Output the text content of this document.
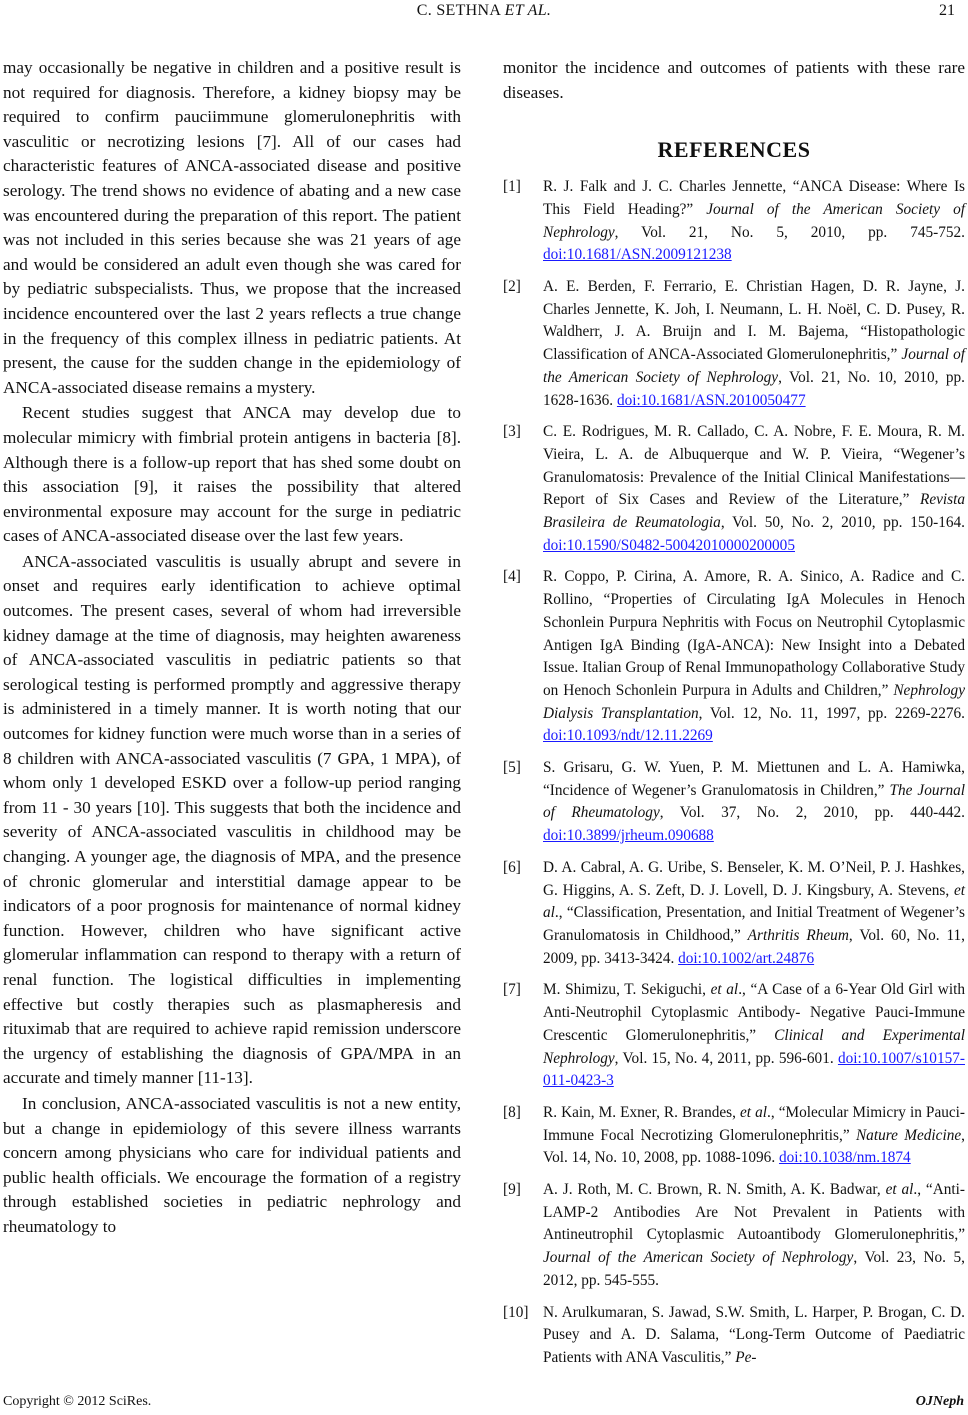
C. SETHNA ET AL.	21

may occasionally be negative in children and a positive result is not required for diagnosis. Therefore, a kidney biopsy may be required to confirm pauciimmune glomerulonephritis with vasculitic or necrotizing lesions [7]. All of our cases had characteristic features of ANCA-associated disease and positive serology. The trend shows no evidence of abating and a new case was encountered during the preparation of this report. The patient was not included in this series because she was 21 years of age and would be considered an adult even though she was cared for by pediatric subspecialists. Thus, we propose that the increased incidence encountered over the last 2 years reflects a true change in the frequency of this complex illness in pediatric patients. At present, the cause for the sudden change in the epidemiology of ANCA-associated disease remains a mystery.

Recent studies suggest that ANCA may develop due to molecular mimicry with fimbrial protein antigens in bacteria [8]. Although there is a follow-up report that has shed some doubt on this association [9], it raises the possibility that altered environmental exposure may account for the surge in pediatric cases of ANCA-associated disease over the last few years.

ANCA-associated vasculitis is usually abrupt and severe in onset and requires early identification to achieve optimal outcomes. The present cases, several of whom had irreversible kidney damage at the time of diagnosis, may heighten awareness of ANCA-associated vasculitis in pediatric patients so that serological testing is performed promptly and aggressive therapy is administered in a timely manner. It is worth noting that our outcomes for kidney function were much worse than in a series of 8 children with ANCA-associated vasculitis (7 GPA, 1 MPA), of whom only 1 developed ESKD over a follow-up period ranging from 11 - 30 years [10]. This suggests that both the incidence and severity of ANCA-associated vasculitis in childhood may be changing. A younger age, the diagnosis of MPA, and the presence of chronic glomerular and interstitial damage appear to be indicators of a poor prognosis for maintenance of normal kidney function. However, children who have significant active glomerular inflammation can respond to therapy with a return of renal function. The logistical difficulties in implementing effective but costly therapies such as plasmapheresis and rituximab that are required to achieve rapid remission underscore the urgency of establishing the diagnosis of GPA/MPA in an accurate and timely manner [11-13].

In conclusion, ANCA-associated vasculitis is not a new entity, but a change in epidemiology of this severe illness warrants concern among physicians who care for individual patients and public health officials. We encourage the formation of a registry through established societies in pediatric nephrology and rheumatology to

monitor the incidence and outcomes of patients with these rare diseases.

REFERENCES
[1] R. J. Falk and J. C. Charles Jennette, “ANCA Disease: Where Is This Field Heading?” Journal of the American Society of Nephrology, Vol. 21, No. 5, 2010, pp. 745-752. doi:10.1681/ASN.2009121238
[2] A. E. Berden, F. Ferrario, E. Christian Hagen, D. R. Jayne, J. Charles Jennette, K. Joh, I. Neumann, L. H. Noël, C. D. Pusey, R. Waldherr, J. A. Bruijn and I. M. Bajema, “Histopathologic Classification of ANCA-Associated Glomerulonephritis,” Journal of the American Society of Nephrology, Vol. 21, No. 10, 2010, pp. 1628-1636. doi:10.1681/ASN.2010050477
[3] C. E. Rodrigues, M. R. Callado, C. A. Nobre, F. E. Moura, R. M. Vieira, L. A. de Albuquerque and W. P. Vieira, “Wegener’s Granulomatosis: Prevalence of the Initial Clinical Manifestations—Report of Six Cases and Review of the Literature,” Revista Brasileira de Reumatologia, Vol. 50, No. 2, 2010, pp. 150-164. doi:10.1590/S0482-50042010000200005
[4] R. Coppo, P. Cirina, A. Amore, R. A. Sinico, A. Radice and C. Rollino, “Properties of Circulating IgA Molecules in Henoch Schonlein Purpura Nephritis with Focus on Neutrophil Cytoplasmic Antigen IgA Binding (IgA-ANCA): New Insight into a Debated Issue. Italian Group of Renal Immunopathology Collaborative Study on Henoch Schonlein Purpura in Adults and Children,” Nephrology Dialysis Transplantation, Vol. 12, No. 11, 1997, pp. 2269-2276. doi:10.1093/ndt/12.11.2269
[5] S. Grisaru, G. W. Yuen, P. M. Miettunen and L. A. Hamiwka, “Incidence of Wegener’s Granulomatosis in Children,” The Journal of Rheumatology, Vol. 37, No. 2, 2010, pp. 440-442. doi:10.3899/jrheum.090688
[6] D. A. Cabral, A. G. Uribe, S. Benseler, K. M. O’Neil, P. J. Hashkes, G. Higgins, A. S. Zeft, D. J. Lovell, D. J. Kingsbury, A. Stevens, et al., “Classification, Presentation, and Initial Treatment of Wegener’s Granulomatosis in Childhood,” Arthritis Rheum, Vol. 60, No. 11, 2009, pp. 3413-3424. doi:10.1002/art.24876
[7] M. Shimizu, T. Sekiguchi, et al., “A Case of a 6-Year Old Girl with Anti-Neutrophil Cytoplasmic Antibody- Negative Pauci-Immune Crescentic Glomerulonephritis,” Clinical and Experimental Nephrology, Vol. 15, No. 4, 2011, pp. 596-601. doi:10.1007/s10157-011-0423-3
[8] R. Kain, M. Exner, R. Brandes, et al., “Molecular Mimicry in Pauci-Immune Focal Necrotizing Glomerulonephritis,” Nature Medicine, Vol. 14, No. 10, 2008, pp. 1088-1096. doi:10.1038/nm.1874
[9] A. J. Roth, M. C. Brown, R. N. Smith, A. K. Badwar, et al., “Anti-LAMP-2 Antibodies Are Not Prevalent in Patients with Antineutrophil Cytoplasmic Autoantibody Glomerulonephritis,” Journal of the American Society of Nephrology, Vol. 23, No. 5, 2012, pp. 545-555.
[10] N. Arulkumaran, S. Jawad, S.W. Smith, L. Harper, P. Brogan, C. D. Pusey and A. D. Salama, “Long-Term Outcome of Paediatric Patients with ANA Vasculitis,” Pe-
Copyright © 2012 SciRes.	OJNeph
